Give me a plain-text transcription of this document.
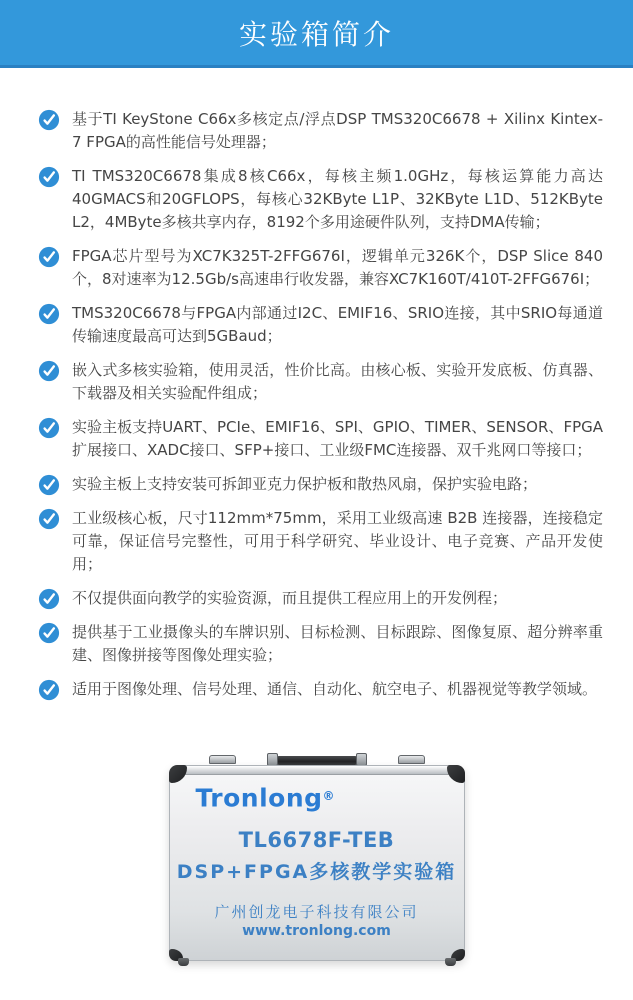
实验箱简介
基于TI KeyStone C66x多核定点/浮点DSP TMS320C6678 + Xilinx Kintex-7 FPGA的高性能信号处理器；
TI TMS320C6678集成8核C66x，每核主频1.0GHz，每核运算能力高达40GMACS和20GFLOPS，每核心32KByte L1P、32KByte L1D、512KByte L2，4MByte多核共享内存，8192个多用途硬件队列，支持DMA传输；
FPGA芯片型号为XC7K325T-2FFG676I，逻辑单元326K个，DSP Slice 840个，8对速率为12.5Gb/s高速串行收发器，兼容XC7K160T/410T-2FFG676I；
TMS320C6678与FPGA内部通过I2C、EMIF16、SRIO连接，其中SRIO每通道传输速度最高可达到5GBaud；
嵌入式多核实验箱，使用灵活，性价比高。由核心板、实验开发底板、仿真器、下载器及相关实验配件组成；
实验主板支持UART、PCIe、EMIF16、SPI、GPIO、TIMER、SENSOR、FPGA扩展接口、XADC接口、SFP+接口、工业级FMC连接器、双千兆网口等接口；
实验主板上支持安装可拆卸亚克力保护板和散热风扇，保护实验电路；
工业级核心板，尺寸112mm*75mm，采用工业级高速 B2B 连接器，连接稳定可靠，保证信号完整性，可用于科学研究、毕业设计、电子竞赛、产品开发使用；
不仅提供面向教学的实验资源，而且提供工程应用上的开发例程；
提供基于工业摄像头的车牌识别、目标检测、目标跟踪、图像复原、超分辨率重建、图像拼接等图像处理实验；
适用于图像处理、信号处理、通信、自动化、航空电子、机器视觉等教学领域。
Tronlong®
TL6678F-TEB
DSP+FPGA多核教学实验箱
广州创龙电子科技有限公司
www.tronlong.com
